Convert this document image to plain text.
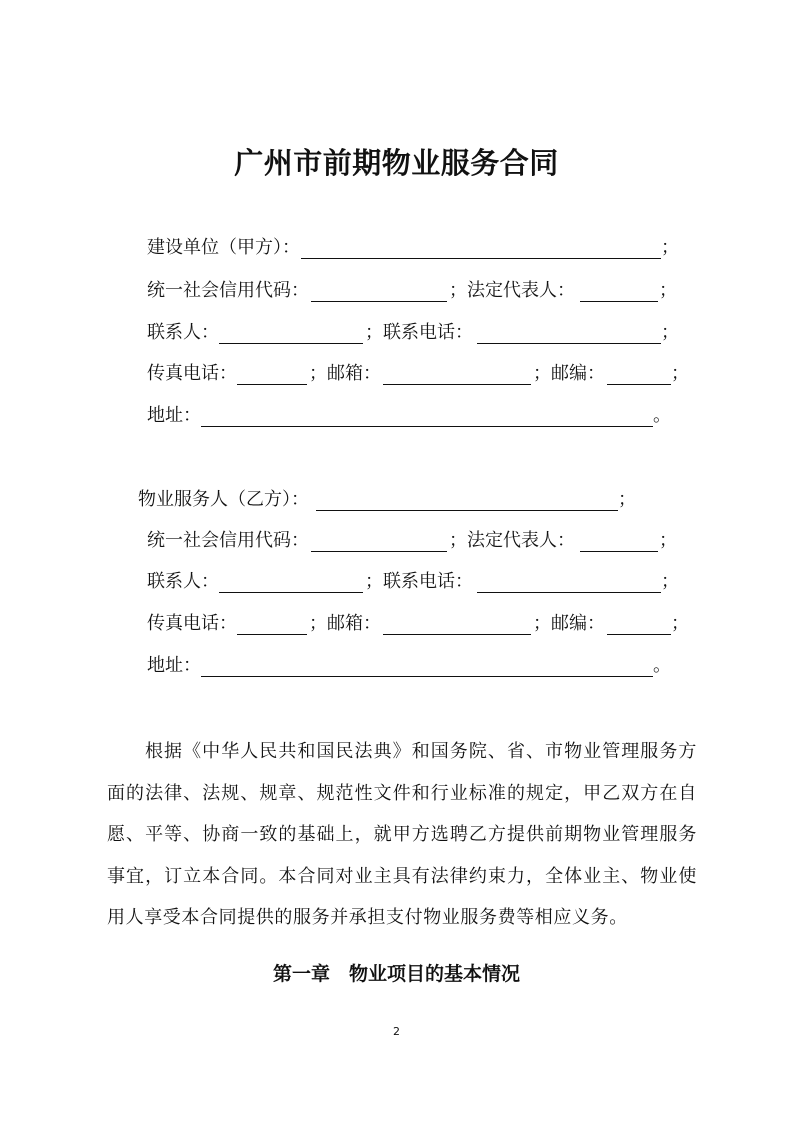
广州市前期物业服务合同
建设单位（甲方）：	；
统一社会信用代码：	； 法定代表人：	；
联系人：	； 联系电话：	；
传真电话：	； 邮箱：	； 邮编：	；
地址：	。
物业服务人（乙方）：	；
统一社会信用代码：	； 法定代表人：	；
联系人：	； 联系电话：	；
传真电话：	； 邮箱：	； 邮编：	；
地址：	。

根据《中华人民共和国民法典》和国务院、省、市物业管理服务方面的法律、法规、规章、规范性文件和行业标准的规定，甲乙双方在自愿、平等、协商一致的基础上，就甲方选聘乙方提供前期物业管理服务事宜，订立本合同。本合同对业主具有法律约束力，全体业主、物业使用人享受本合同提供的服务并承担支付物业服务费等相应义务。

第一章　物业项目的基本情况
2
